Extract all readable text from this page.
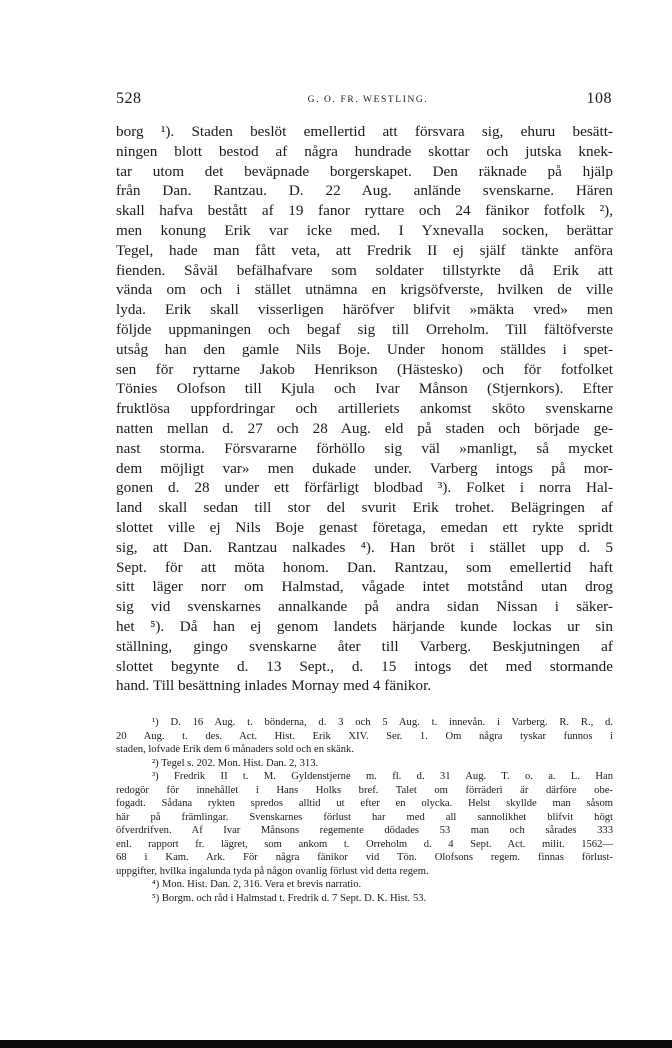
528	G. O. FR. WESTLING.	108
borg ¹). Staden beslöt emellertid att försvara sig, ehuru besätt-
ningen blott bestod af några hundrade skottar och jutska knek-
tar utom det beväpnade borgerskapet. Den räknade på hjälp
från Dan. Rantzau. D. 22 Aug. anlände svenskarne. Hären
skall hafva bestått af 19 fanor ryttare och 24 fänikor fotfolk ²),
men konung Erik var icke med. I Yxnevalla socken, berättar
Tegel, hade man fått veta, att Fredrik II ej själf tänkte anföra
fienden. Såväl befälhafvare som soldater tillstyrkte då Erik att
vända om och i stället utnämna en krigsöfverste, hvilken de ville
lyda. Erik skall visserligen häröfver blifvit »mäkta vred» men
följde uppmaningen och begaf sig till Orreholm. Till fältöfverste
utsåg han den gamle Nils Boje. Under honom ställdes i spet-
sen för ryttarne Jakob Henrikson (Hästesko) och för fotfolket
Tönies Olofson till Kjula och Ivar Månson (Stjernkors). Efter
fruktlösa uppfordringar och artilleriets ankomst sköto svenskarne
natten mellan d. 27 och 28 Aug. eld på staden och började ge-
nast storma. Försvararne förhöllo sig väl »manligt, så mycket
dem möjligt var» men dukade under. Varberg intogs på mor-
gonen d. 28 under ett förfärligt blodbad ³). Folket i norra Hal-
land skall sedan till stor del svurit Erik trohet. Belägringen af
slottet ville ej Nils Boje genast företaga, emedan ett rykte spridt
sig, att Dan. Rantzau nalkades ⁴). Han bröt i stället upp d. 5
Sept. för att möta honom. Dan. Rantzau, som emellertid haft
sitt läger norr om Halmstad, vågade intet motstånd utan drog
sig vid svenskarnes annalkande på andra sidan Nissan i säker-
het ⁵). Då han ej genom landets härjande kunde lockas ur sin
ställning, gingo svenskarne åter till Varberg. Beskjutningen af
slottet begynte d. 13 Sept., d. 15 intogs det med stormande
hand. Till besättning inlades Mornay med 4 fänikor.
¹) D. 16 Aug. t. bönderna, d. 3 och 5 Aug. t. innevån. i Varberg. R. R., d.
20 Aug. t. des. Act. Hist. Erik XIV. Ser. 1. Om några tyskar funnos i
staden, lofvade Erik dem 6 månaders sold och en skänk.
²) Tegel s. 202. Mon. Hist. Dan. 2, 313.
³) Fredrik II t. M. Gyldenstjerne m. fl. d. 31 Aug. T. o. a. L. Han
redogör för innehållet i Hans Holks bref. Talet om förräderi är därföre obe-
fogadt. Sådana rykten spredos alltid ut efter en olycka. Helst skyllde man såsom
här på främlingar. Svenskarnes förlust har med all sannolikhet blifvit högt
öfverdrifven. Af Ivar Månsons regemente dödades 53 man och sårades 333
enl. rapport fr. lägret, som ankom t. Orreholm d. 4 Sept. Act. milit. 1562—
68 i Kam. Ark. För några fänikor vid Tön. Olofsons regem. finnas förlust-
uppgifter, hvilka ingalunda tyda på någon ovanlig förlust vid detta regem.
⁴) Mon. Hist. Dan. 2, 316. Vera et brevis narratio.
⁵) Borgm. och råd i Halmstad t. Fredrik d. 7 Sept. D. K. Hist. 53.
